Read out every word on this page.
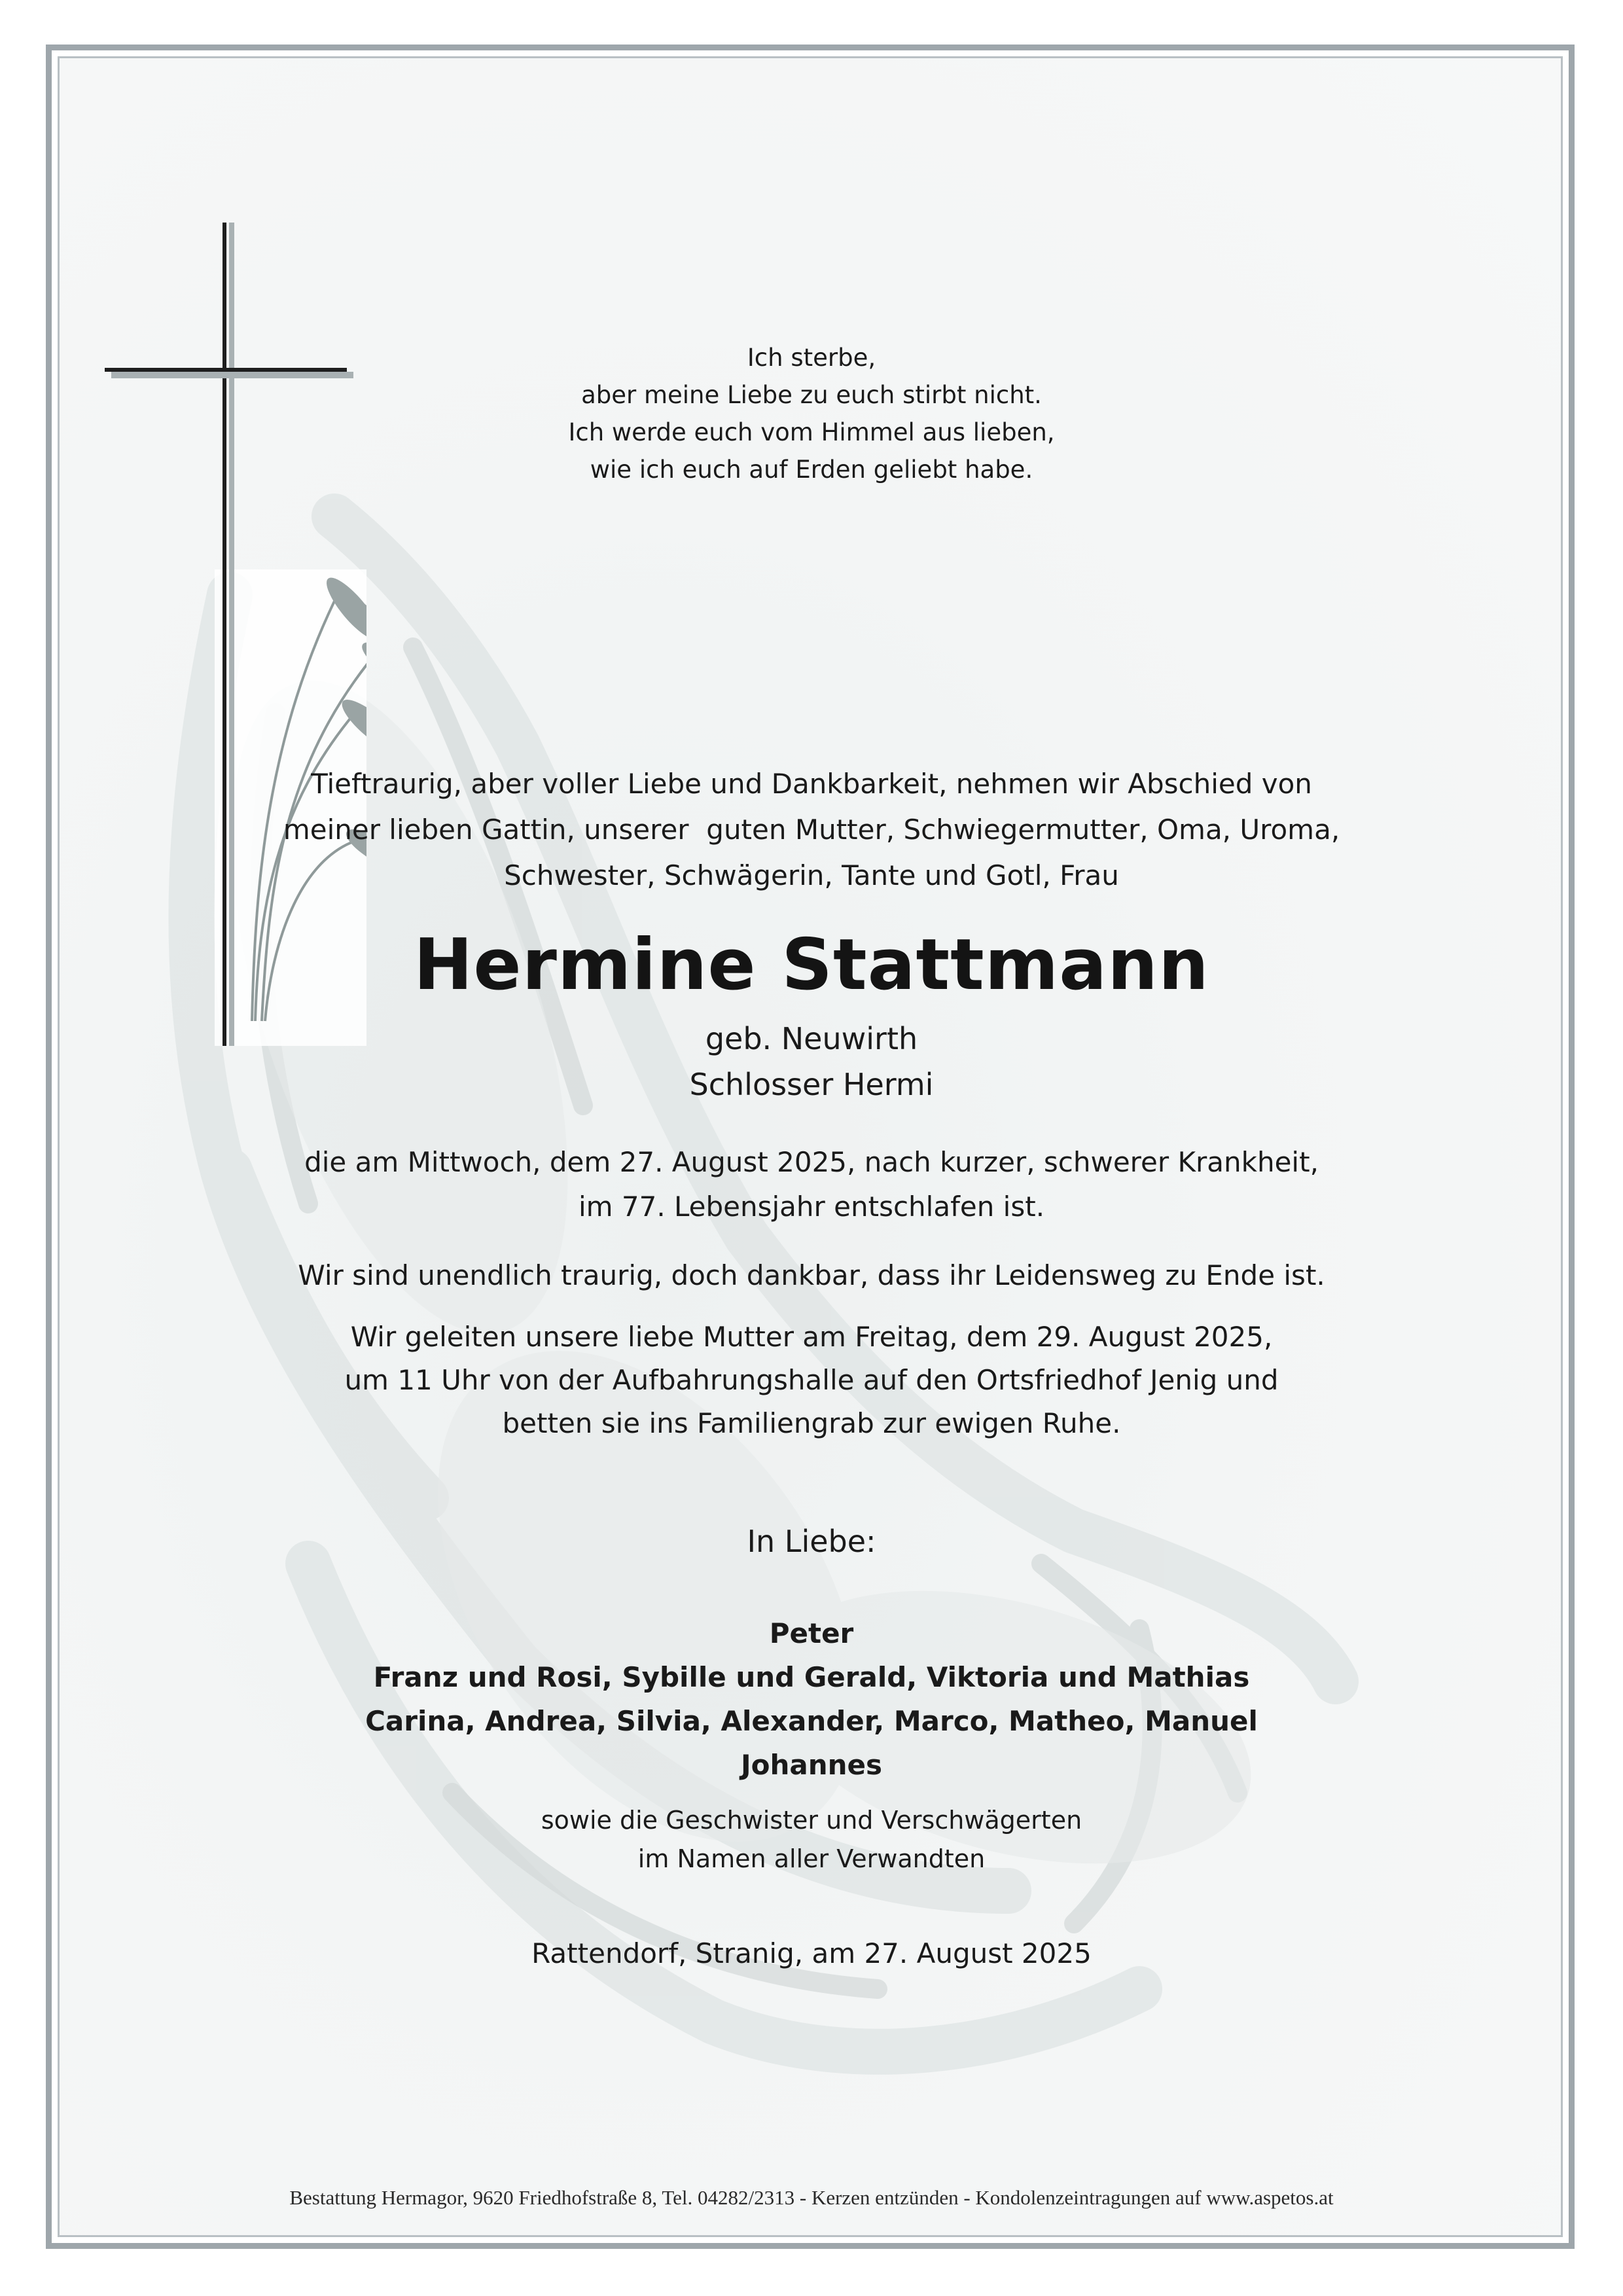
Ich sterbe,
aber meine Liebe zu euch stirbt nicht.
Ich werde euch vom Himmel aus lieben,
wie ich euch auf Erden geliebt habe.
Tieftraurig, aber voller Liebe und Dankbarkeit, nehmen wir Abschied von
meiner lieben Gattin, unserer  guten Mutter, Schwiegermutter, Oma, Uroma,
Schwester, Schwägerin, Tante und Gotl, Frau
Hermine Stattmann
geb. Neuwirth
Schlosser Hermi
die am Mittwoch, dem 27. August 2025, nach kurzer, schwerer Krankheit,
im 77. Lebensjahr entschlafen ist.
Wir sind unendlich traurig, doch dankbar, dass ihr Leidensweg zu Ende ist.
Wir geleiten unsere liebe Mutter am Freitag, dem 29. August 2025,
um 11 Uhr von der Aufbahrungshalle auf den Ortsfriedhof Jenig und
betten sie ins Familiengrab zur ewigen Ruhe.
In Liebe:
Peter
Franz und Rosi, Sybille und Gerald, Viktoria und Mathias
Carina, Andrea, Silvia, Alexander, Marco, Matheo, Manuel
Johannes
sowie die Geschwister und Verschwägerten
im Namen aller Verwandten
Rattendorf, Stranig, am 27. August 2025
Bestattung Hermagor, 9620 Friedhofstraße 8, Tel. 04282/2313 - Kerzen entzünden - Kondolenzeintragungen auf www.aspetos.at
